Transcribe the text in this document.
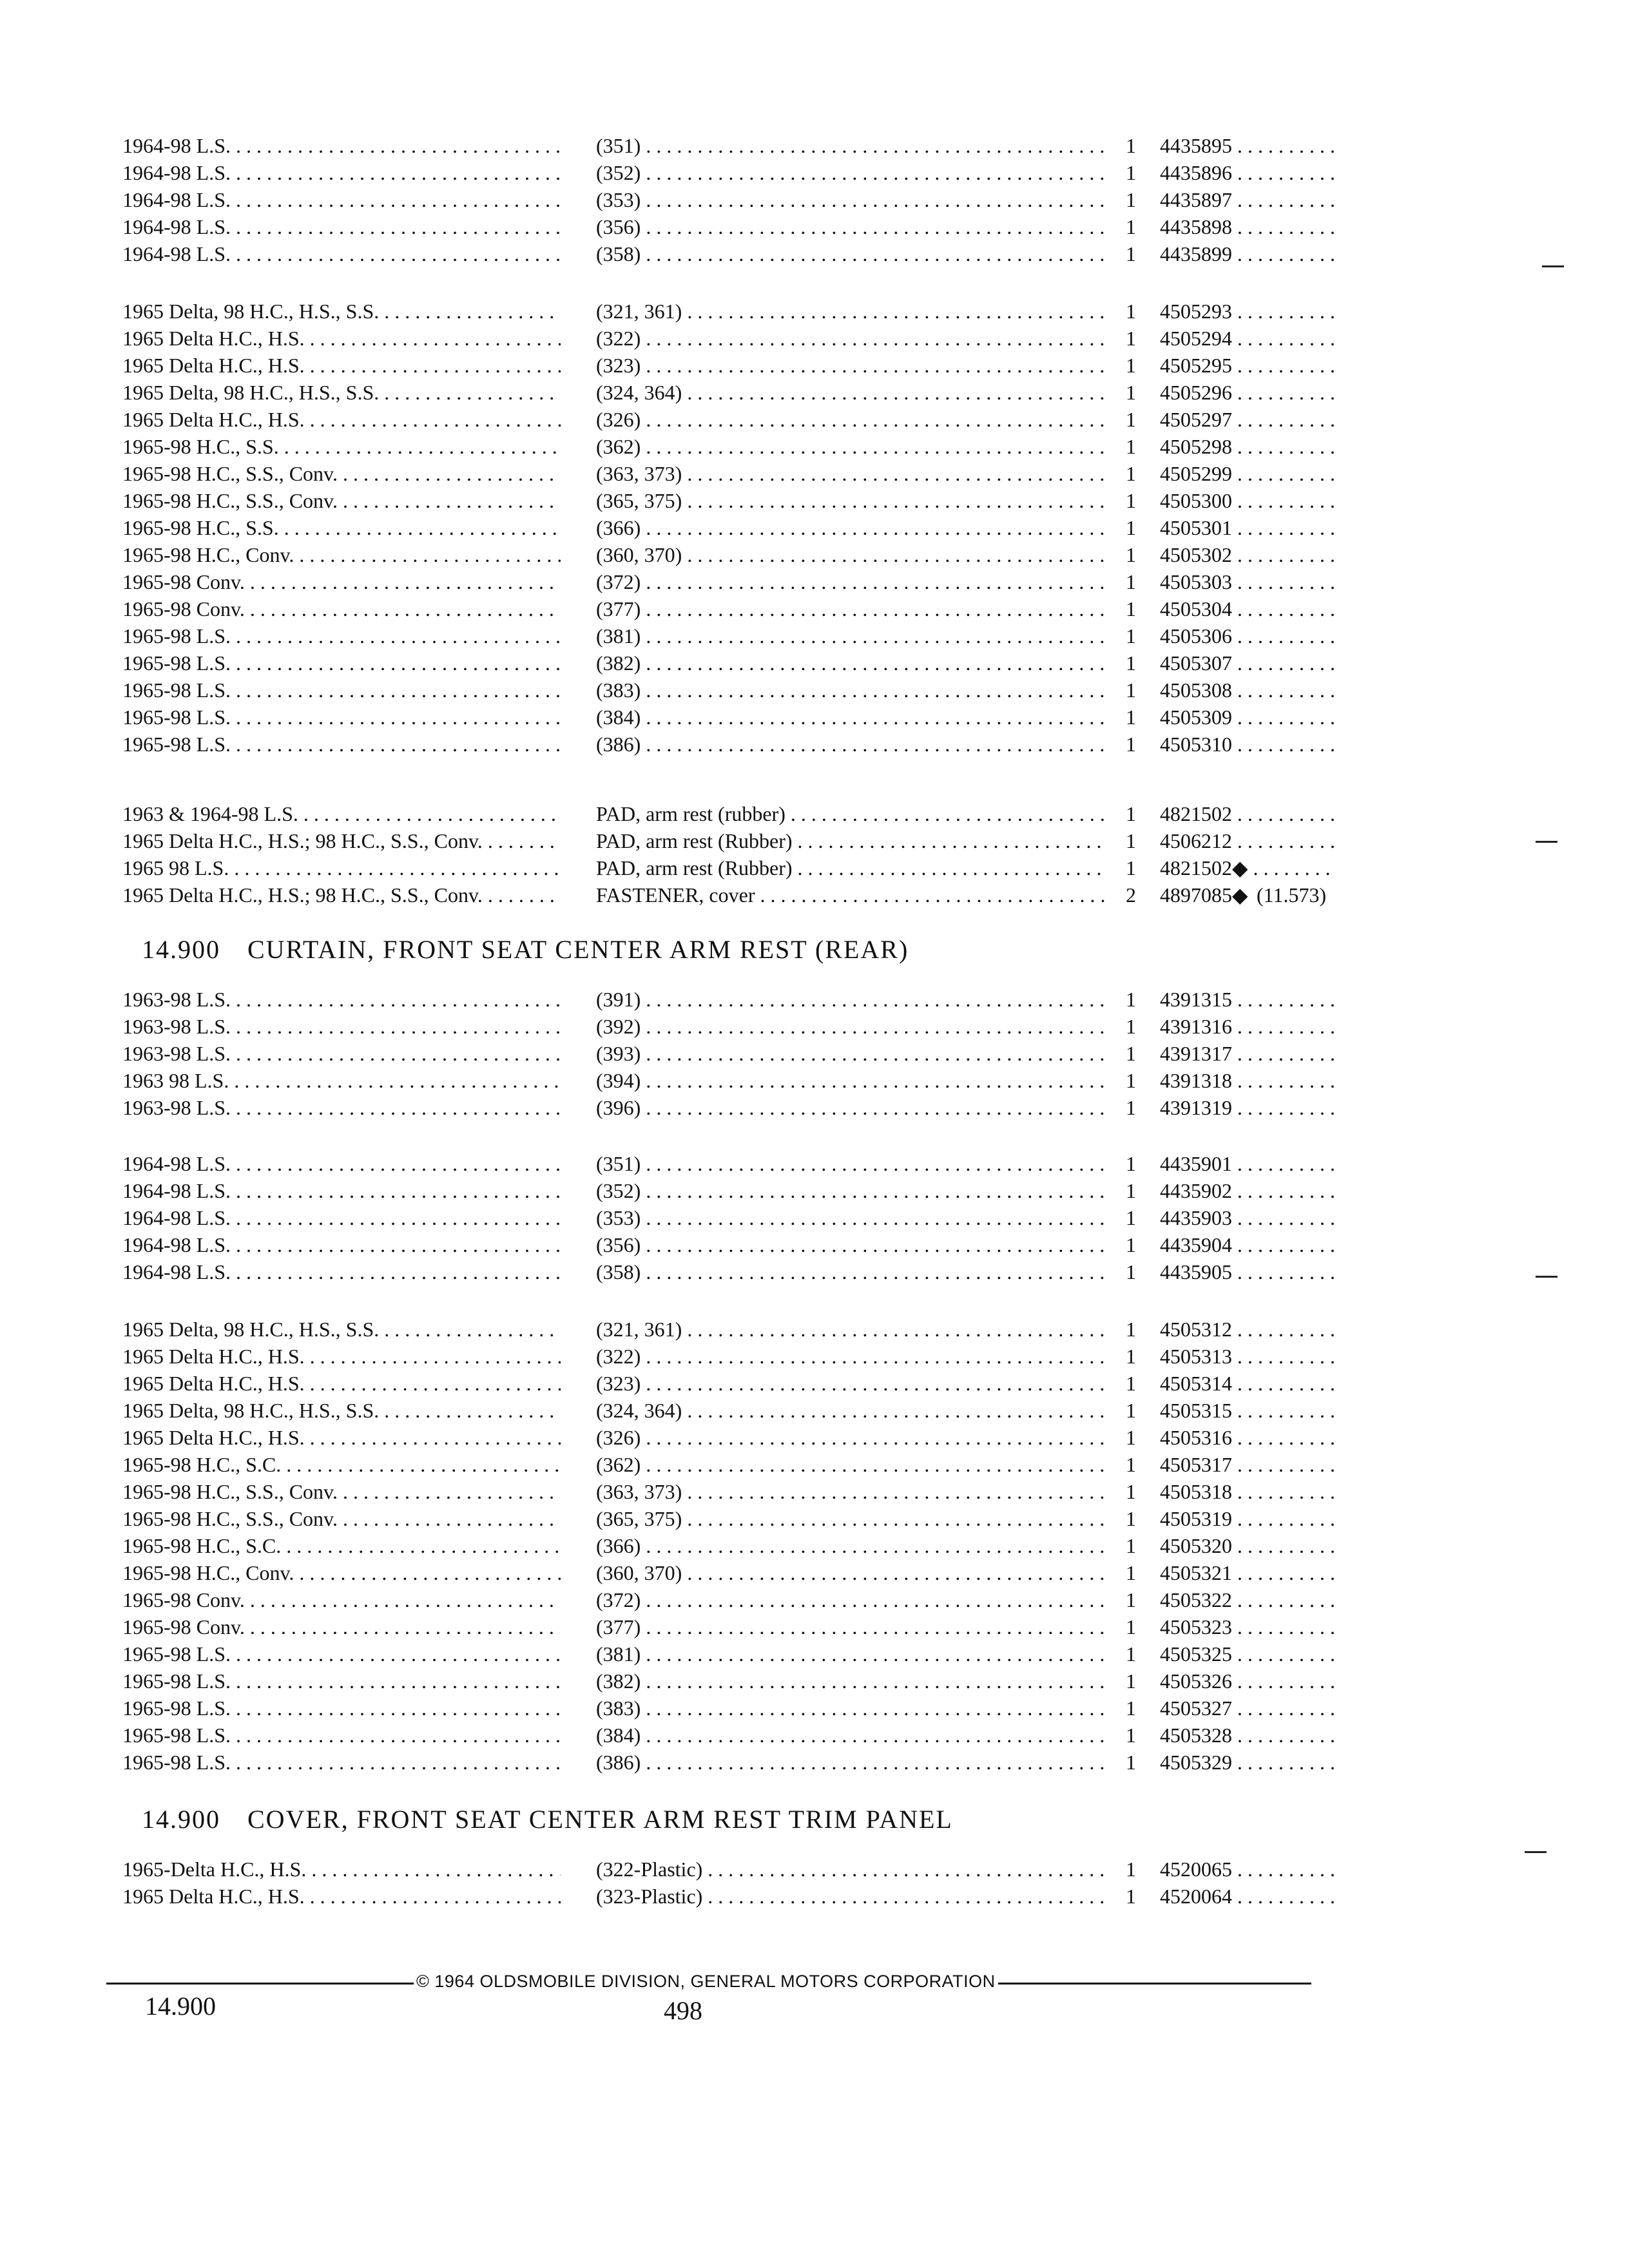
1964-98 L.S. . . .	(351) . . .	1	4435895 . . .
1964-98 L.S. . . .	(352) . . .	1	4435896 . . .
1964-98 L.S. . . .	(353) . . .	1	4435897 . . .
1964-98 L.S. . . .	(356) . . .	1	4435898 . . .
1964-98 L.S. . . .	(358) . . .	1	4435899 . . .
1965 Delta, 98 H.C., H.S., S.S. . . .	(321, 361) . . .	1	4505293 . . .
1965 Delta H.C., H.S. . . .	(322) . . .	1	4505294 . . .
1965 Delta H.C., H.S. . . .	(323) . . .	1	4505295 . . .
1965 Delta, 98 H.C., H.S., S.S. . . .	(324, 364) . . .	1	4505296 . . .
1965 Delta H.C., H.S. . . .	(326) . . .	1	4505297 . . .
1965-98 H.C., S.S. . . .	(362) . . .	1	4505298 . . .
1965-98 H.C., S.S., Conv. . . .	(363, 373) . . .	1	4505299 . . .
1965-98 H.C., S.S., Conv. . . .	(365, 375) . . .	1	4505300 . . .
1965-98 H.C., S.S. . . .	(366) . . .	1	4505301 . . .
1965-98 H.C., Conv. . . .	(360, 370) . . .	1	4505302 . . .
1965-98 Conv. . . .	(372) . . .	1	4505303 . . .
1965-98 Conv. . . .	(377) . . .	1	4505304 . . .
1965-98 L.S. . . .	(381) . . .	1	4505306 . . .
1965-98 L.S. . . .	(382) . . .	1	4505307 . . .
1965-98 L.S. . . .	(383) . . .	1	4505308 . . .
1965-98 L.S. . . .	(384) . . .	1	4505309 . . .
1965-98 L.S. . . .	(386) . . .	1	4505310 . . .
1963 & 1964-98 L.S. . . .	PAD, arm rest (rubber) . . .	1	4821502 . . .
1965 Delta H.C., H.S.; 98 H.C., S.S., Conv. . . .	PAD, arm rest (Rubber) . . .	1	4506212 . . .
1965 98 L.S. . . .	PAD, arm rest (Rubber) . . .	1	4821502◆ . . .
1965 Delta H.C., H.S.; 98 H.C., S.S., Conv. . . .	FASTENER, cover . . .	2	4897085◆ . . . (11.573)
1963-98 L.S. . . .	(391) . . .	1	4391315 . . .
1963-98 L.S. . . .	(392) . . .	1	4391316 . . .
1963-98 L.S. . . .	(393) . . .	1	4391317 . . .
1963 98 L.S. . . .	(394) . . .	1	4391318 . . .
1963-98 L.S. . . .	(396) . . .	1	4391319 . . .
1964-98 L.S. . . .	(351) . . .	1	4435901 . . .
1964-98 L.S. . . .	(352) . . .	1	4435902 . . .
1964-98 L.S. . . .	(353) . . .	1	4435903 . . .
1964-98 L.S. . . .	(356) . . .	1	4435904 . . .
1964-98 L.S. . . .	(358) . . .	1	4435905 . . .
1965 Delta, 98 H.C., H.S., S.S. . . .	(321, 361) . . .	1	4505312 . . .
1965 Delta H.C., H.S. . . .	(322) . . .	1	4505313 . . .
1965 Delta H.C., H.S. . . .	(323) . . .	1	4505314 . . .
1965 Delta, 98 H.C., H.S., S.S. . . .	(324, 364) . . .	1	4505315 . . .
1965 Delta H.C., H.S. . . .	(326) . . .	1	4505316 . . .
1965-98 H.C., S.C. . . .	(362) . . .	1	4505317 . . .
1965-98 H.C., S.S., Conv. . . .	(363, 373) . . .	1	4505318 . . .
1965-98 H.C., S.S., Conv. . . .	(365, 375) . . .	1	4505319 . . .
1965-98 H.C., S.C. . . .	(366) . . .	1	4505320 . . .
1965-98 H.C., Conv. . . .	(360, 370) . . .	1	4505321 . . .
1965-98 Conv. . . .	(372) . . .	1	4505322 . . .
1965-98 Conv. . . .	(377) . . .	1	4505323 . . .
1965-98 L.S. . . .	(381) . . .	1	4505325 . . .
1965-98 L.S. . . .	(382) . . .	1	4505326 . . .
1965-98 L.S. . . .	(383) . . .	1	4505327 . . .
1965-98 L.S. . . .	(384) . . .	1	4505328 . . .
1965-98 L.S. . . .	(386) . . .	1	4505329 . . .
1965-Delta H.C., H.S. . . .	(322-Plastic) . . .	1	4520065 . . .
1965 Delta H.C., H.S. . . .	(323-Plastic) . . .	1	4520064 . . .
14.900 CURTAIN, FRONT SEAT CENTER ARM REST (REAR)
14.900 COVER, FRONT SEAT CENTER ARM REST TRIM PANEL
© 1964 OLDSMOBILE DIVISION, GENERAL MOTORS CORPORATION
14.900	498
